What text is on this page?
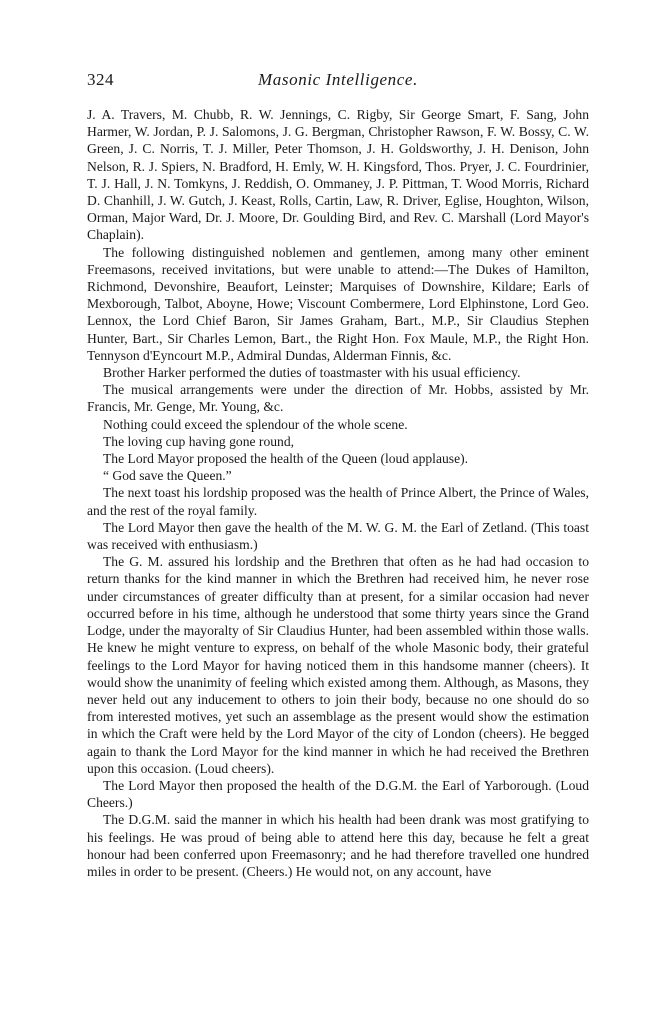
324	Masonic Intelligence.

J. A. Travers, M. Chubb, R. W. Jennings, C. Rigby, Sir George Smart, F. Sang, John Harmer, W. Jordan, P. J. Salomons, J. G. Bergman, Christopher Rawson, F. W. Bossy, C. W. Green, J. C. Norris, T. J. Miller, Peter Thomson, J. H. Goldsworthy, J. H. Denison, John Nelson, R. J. Spiers, N. Bradford, H. Emly, W. H. Kingsford, Thos. Pryer, J. C. Fourdrinier, T. J. Hall, J. N. Tomkyns, J. Reddish, O. Ommaney, J. P. Pittman, T. Wood Morris, Richard D. Chanhill, J. W. Gutch, J. Keast, Rolls, Cartin, Law, R. Driver, Eglise, Houghton, Wilson, Orman, Major Ward, Dr. J. Moore, Dr. Goulding Bird, and Rev. C. Marshall (Lord Mayor's Chaplain).

The following distinguished noblemen and gentlemen, among many other eminent Freemasons, received invitations, but were unable to attend:—The Dukes of Hamilton, Richmond, Devonshire, Beaufort, Leinster; Marquises of Downshire, Kildare; Earls of Mexborough, Talbot, Aboyne, Howe; Viscount Combermere, Lord Elphinstone, Lord Geo. Lennox, the Lord Chief Baron, Sir James Graham, Bart., M.P., Sir Claudius Stephen Hunter, Bart., Sir Charles Lemon, Bart., the Right Hon. Fox Maule, M.P., the Right Hon. Tennyson d'Eyncourt M.P., Admiral Dundas, Alderman Finnis, &c.

Brother Harker performed the duties of toastmaster with his usual efficiency.

The musical arrangements were under the direction of Mr. Hobbs, assisted by Mr. Francis, Mr. Genge, Mr. Young, &c.

Nothing could exceed the splendour of the whole scene.

The loving cup having gone round,

The Lord Mayor proposed the health of the Queen (loud applause).

“ God save the Queen.”

The next toast his lordship proposed was the health of Prince Albert, the Prince of Wales, and the rest of the royal family.

The Lord Mayor then gave the health of the M. W. G. M. the Earl of Zetland. (This toast was received with enthusiasm.)

The G. M. assured his lordship and the Brethren that often as he had had occasion to return thanks for the kind manner in which the Brethren had received him, he never rose under circumstances of greater difficulty than at present, for a similar occasion had never occurred before in his time, although he understood that some thirty years since the Grand Lodge, under the mayoralty of Sir Claudius Hunter, had been assembled within those walls. He knew he might venture to express, on behalf of the whole Masonic body, their grateful feelings to the Lord Mayor for having noticed them in this handsome manner (cheers). It would show the unanimity of feeling which existed among them. Although, as Masons, they never held out any inducement to others to join their body, because no one should do so from interested motives, yet such an assemblage as the present would show the estimation in which the Craft were held by the Lord Mayor of the city of London (cheers). He begged again to thank the Lord Mayor for the kind manner in which he had received the Brethren upon this occasion. (Loud cheers).

The Lord Mayor then proposed the health of the D.G.M. the Earl of Yarborough. (Loud Cheers.)

The D.G.M. said the manner in which his health had been drank was most gratifying to his feelings. He was proud of being able to attend here this day, because he felt a great honour had been conferred upon Freemasonry; and he had therefore travelled one hundred miles in order to be present. (Cheers.) He would not, on any account, have
